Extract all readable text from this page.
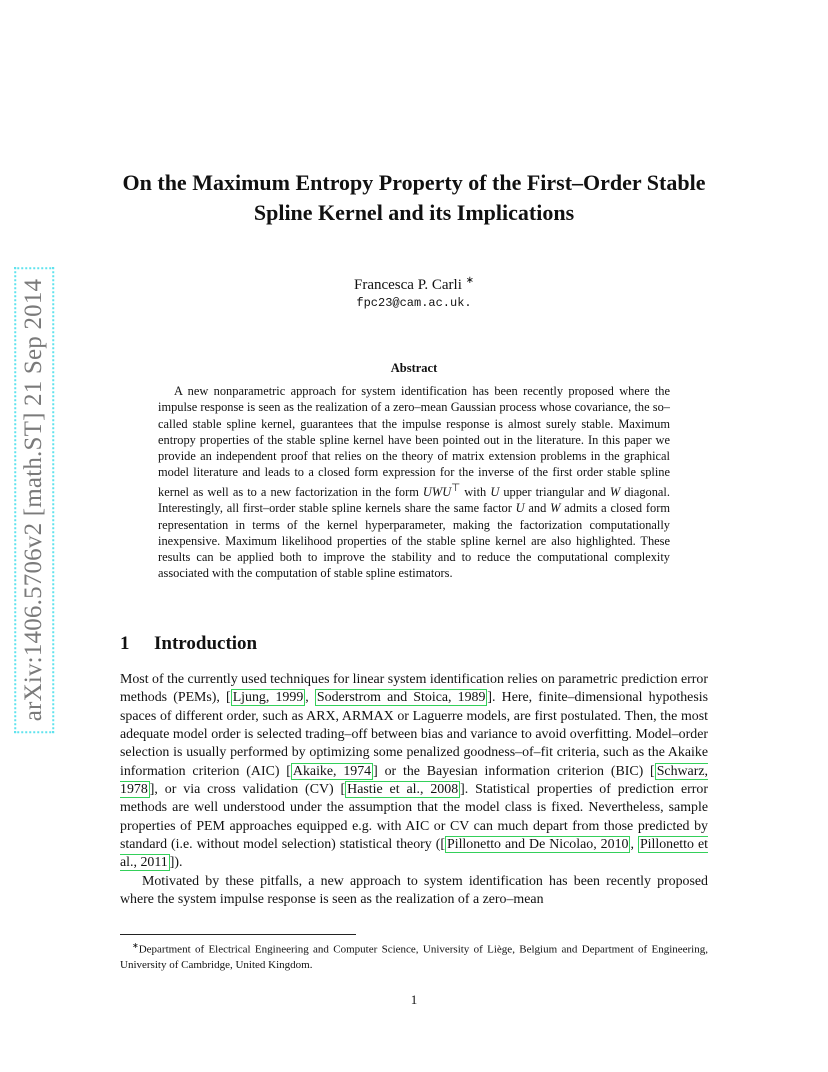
arXiv:1406.5706v2 [math.ST] 21 Sep 2014
On the Maximum Entropy Property of the First–Order Stable Spline Kernel and its Implications
Francesca P. Carli ∗
fpc23@cam.ac.uk.
Abstract

A new nonparametric approach for system identification has been recently proposed where the impulse response is seen as the realization of a zero–mean Gaussian process whose covariance, the so–called stable spline kernel, guarantees that the impulse response is almost surely stable. Maximum entropy properties of the stable spline kernel have been pointed out in the literature. In this paper we provide an independent proof that relies on the theory of matrix extension problems in the graphical model literature and leads to a closed form expression for the inverse of the first order stable spline kernel as well as to a new factorization in the form UWU⊤ with U upper triangular and W diagonal. Interestingly, all first–order stable spline kernels share the same factor U and W admits a closed form representation in terms of the kernel hyperparameter, making the factorization computationally inexpensive. Maximum likelihood properties of the stable spline kernel are also highlighted. These results can be applied both to improve the stability and to reduce the computational complexity associated with the computation of stable spline estimators.

1 Introduction

Most of the currently used techniques for linear system identification relies on parametric prediction error methods (PEMs), [ Ljung, 1999 , Soderstrom and Stoica, 1989 ]. Here, finite–dimensional hypothesis spaces of different order, such as ARX, ARMAX or Laguerre models, are first postulated. Then, the most adequate model order is selected trading–off between bias and variance to avoid overfitting. Model–order selection is usually performed by optimizing some penalized goodness–of–fit criteria, such as the Akaike information criterion (AIC) [ Akaike, 1974 ] or the Bayesian information criterion (BIC) [ Schwarz, 1978 ], or via cross validation (CV) [ Hastie et al., 2008 ]. Statistical properties of prediction error methods are well understood under the assumption that the model class is fixed. Nevertheless, sample properties of PEM approaches equipped e.g. with AIC or CV can much depart from those predicted by standard (i.e. without model selection) statistical theory ([ Pillonetto and De Nicolao, 2010 , Pillonetto et al., 2011 ]).

Motivated by these pitfalls, a new approach to system identification has been recently proposed where the system impulse response is seen as the realization of a zero–mean

∗Department of Electrical Engineering and Computer Science, University of Liège, Belgium and Department of Engineering, University of Cambridge, United Kingdom.

1
